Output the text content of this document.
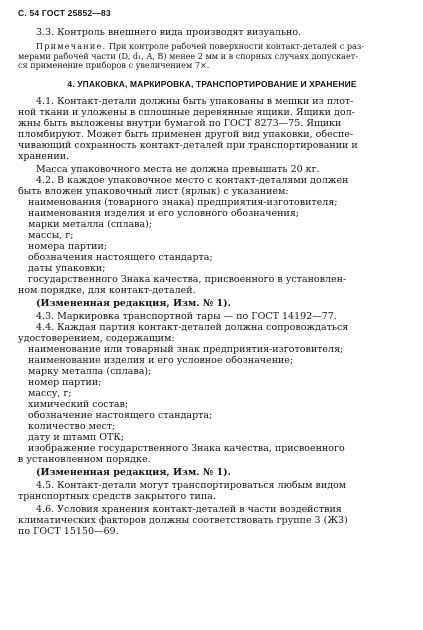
С. 54 ГОСТ 25852—83

3.3. Контроль внешнего вида производят визуально.

Примечание. При контроле рабочей поверхности контакт-деталей с раз-

мерами рабочей части (D, d₁, A, B) менее 2 мм и в спорных случаях допускает-

ся применение приборов с увеличением 7×.

4. УПАКОВКА, МАРКИРОВКА, ТРАНСПОРТИРОВАНИЕ И ХРАНЕНИЕ

4.1. Контакт-детали должны быть упакованы в мешки из плот-

ной ткани и уложены в сплошные деревянные ящики. Ящики дол-

жны быть выложены внутри бумагой по ГОСТ 8273—75. Ящики

пломбируют. Может быть применен другой вид упаковки, обеспе-

чивающий сохранность контакт-деталей при транспортировании и

хранении.

Масса упаковочного места не должна превышать 20 кг.

4.2. В каждое упаковочное место с контакт-деталями должен

быть вложен упаковочный лист (ярлык) с указанием:

наименования (товарного знака) предприятия-изготовителя;

наименования изделия и его условного обозначения;

марки металла (сплава);

массы, г;

номера партии;

обозначения настоящего стандарта;

даты упаковки;

государственного Знака качества, присвоенного в установлен-

ном порядке, для контакт-деталей.

(Измененная редакция, Изм. № 1).

4.3. Маркировка транспортной тары — по ГОСТ 14192—77.

4.4. Каждая партия контакт-деталей должна сопровождаться

удостоверением, содержащим:

наименование или товарный знак предприятия-изготовителя;

наименование изделия и его условное обозначение;

марку металла (сплава);

номер партии;

массу, г;

химический состав;

обозначение настоящего стандарта;

количество мест;

дату и штамп ОТК;

изображение государственного Знака качества, присвоенного

в установленном порядке.

(Измененная редакция, Изм. № 1).

4.5. Контакт-детали могут транспортироваться любым видом

транспортных средств закрытого типа.

4.6. Условия хранения контакт-деталей в части воздействия

климатических факторов должны соответствовать группе 3 (Ж3)

по ГОСТ 15150—69.
